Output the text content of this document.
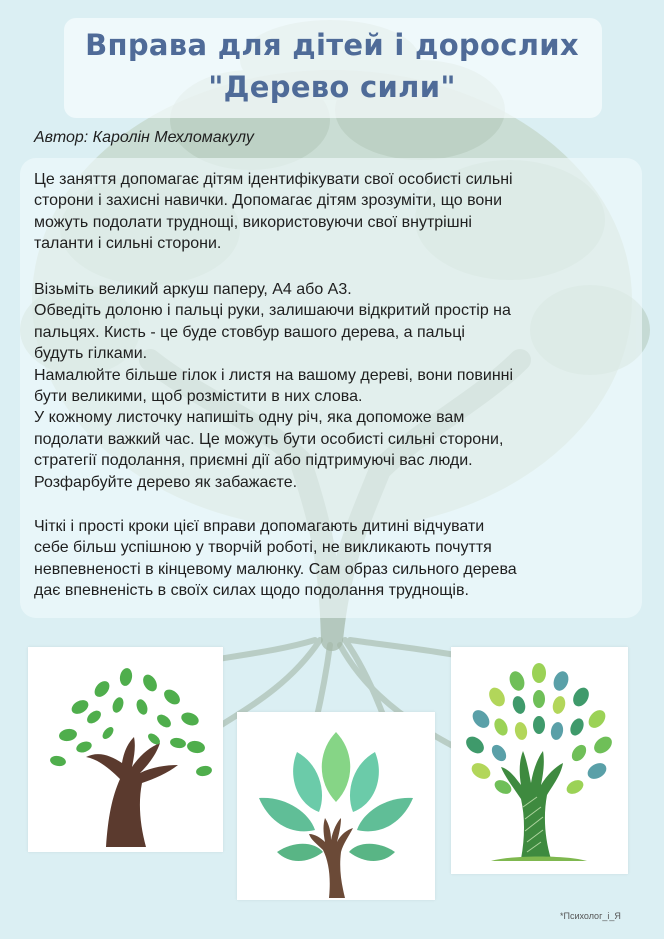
Вправа для дітей і дорослих
"Дерево сили"
Автор: Каролін Мехломакулу
Це заняття допомагає дітям ідентифікувати свої особисті сильні
сторони і захисні навички. Допомагає дітям зрозуміти, що вони
можуть подолати труднощі, використовуючи свої внутрішні
таланти і сильні сторони.
Візьміть великий аркуш паперу, А4 або А3.
Обведіть долоню і пальці руки, залишаючи відкритий простір на
пальцях. Кисть - це буде стовбур вашого дерева, а пальці
будуть гілками.
Намалюйте більше гілок і листя на вашому дереві, вони повинні
бути великими, щоб розмістити в них слова.
У кожному листочку напишіть одну річ, яка допоможе вам
подолати важкий час. Це можуть бути особисті сильні сторони,
стратегії подолання, приємні дії або підтримуючі вас люди.
Розфарбуйте дерево як забажаєте.
Чіткі і прості кроки цієї вправи допомагають дитині відчувати
себе більш успішною у творчій роботі, не викликають почуття
невпевненості в кінцевому малюнку. Сам образ сильного дерева
дає впевненість в своїх силах щодо подолання труднощів.
*Психолог_і_Я
